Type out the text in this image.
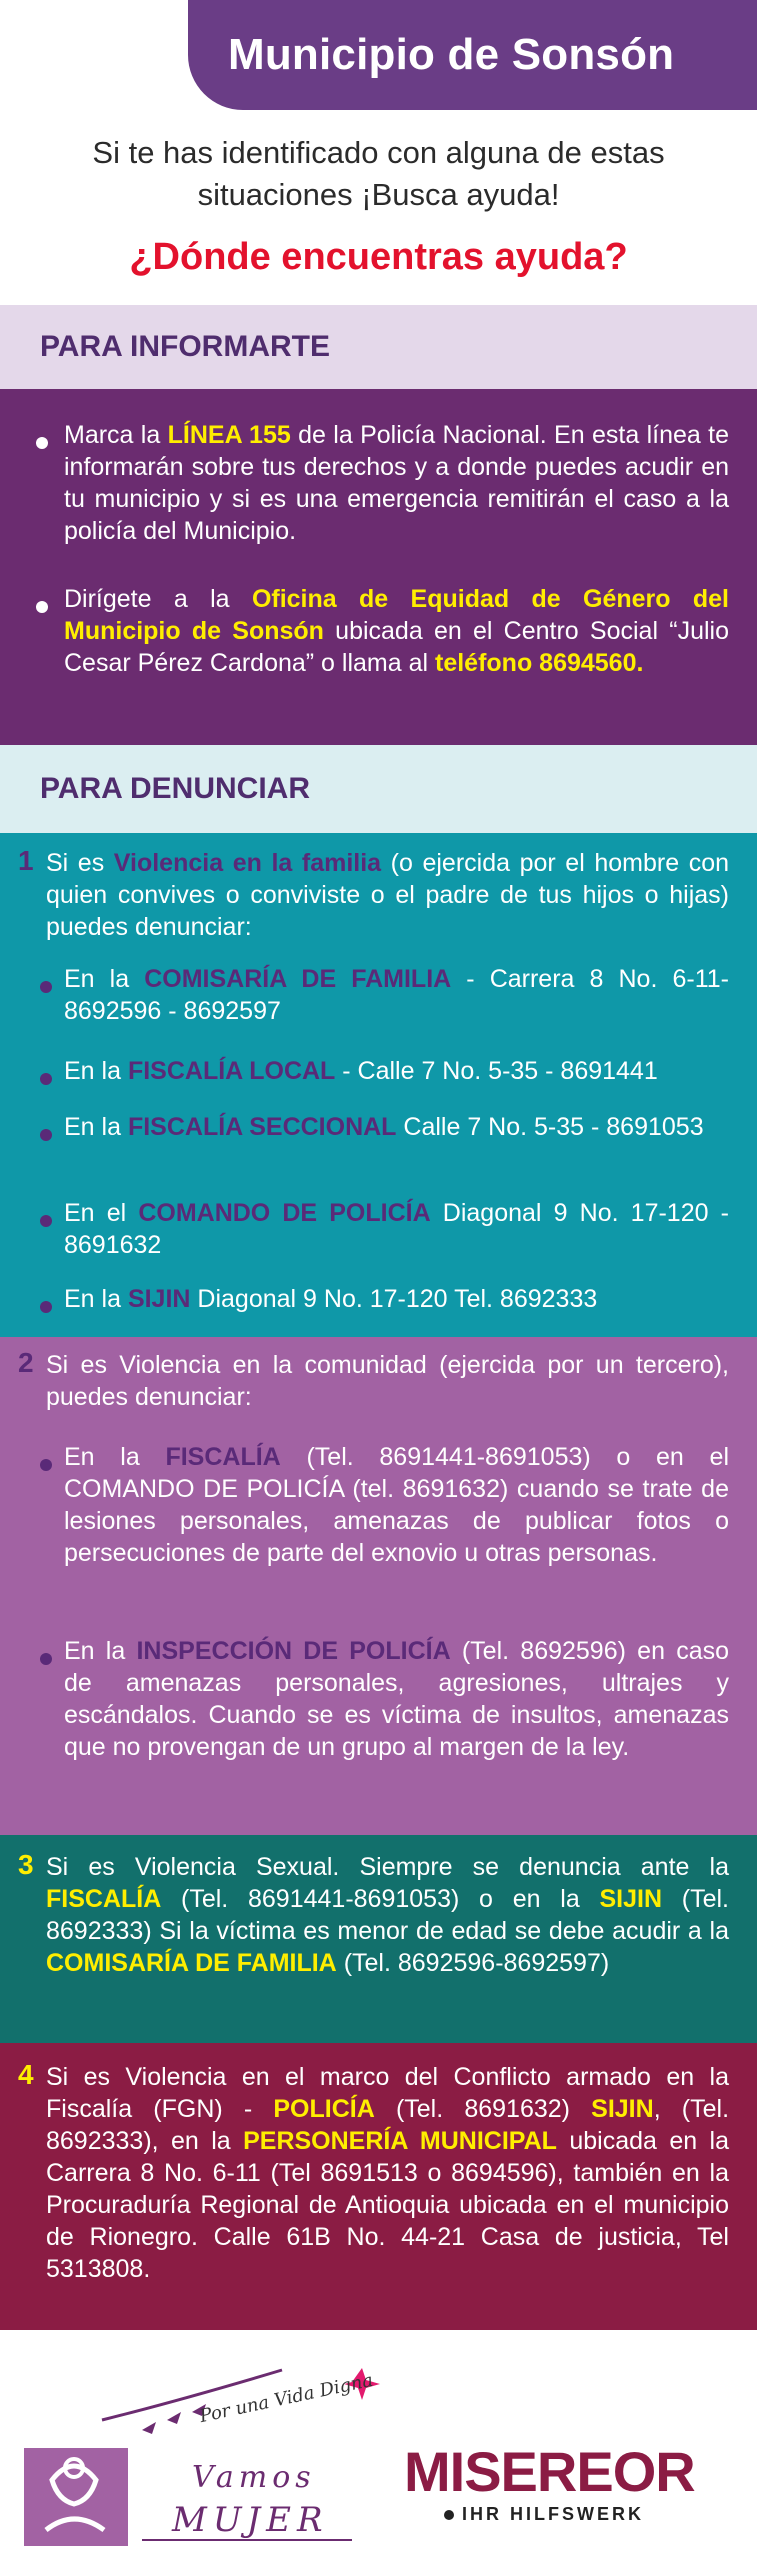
Municipio de Sonsón
Si te has identificado con alguna de estas
situaciones ¡Busca ayuda!
¿Dónde encuentras ayuda?
PARA INFORMARTE
Marca la LÍNEA 155 de la Policía Nacional. En esta línea te informarán sobre tus derechos y a donde puedes acudir en tu municipio y si es una emergencia remitirán el caso a la policía del Municipio.
Dirígete a la Oficina de Equidad de Género del Municipio de Sonsón ubicada en el Centro Social “Julio Cesar Pérez Cardona” o llama al teléfono 8694560.
PARA DENUNCIAR
1 Si es Violencia en la familia (o ejercida por el hombre con quien convives o conviviste o el padre de tus hijos o hijas) puedes denunciar:
En la COMISARÍA DE FAMILIA - Carrera 8 No. 6-11- 8692596 - 8692597
En la FISCALÍA LOCAL - Calle 7 No. 5-35 - 8691441
En la FISCALÍA SECCIONAL Calle 7 No. 5-35 - 8691053
En el COMANDO DE POLICÍA Diagonal 9 No. 17-120 - 8691632
En la SIJIN Diagonal 9 No. 17-120 Tel. 8692333
2 Si es Violencia en la comunidad (ejercida por un tercero), puedes denunciar:
En la FISCALÍA (Tel. 8691441-8691053) o en el COMANDO DE POLICÍA (tel. 8691632) cuando se trate de lesiones personales, amenazas de publicar fotos o persecuciones de parte del exnovio u otras personas.
En la INSPECCIÓN DE POLICÍA (Tel. 8692596) en caso de amenazas personales, agresiones, ultrajes y escándalos. Cuando se es víctima de insultos, amenazas que no provengan de un grupo al margen de la ley.
3 Si es Violencia Sexual. Siempre se denuncia ante la FISCALÍA (Tel. 8691441-8691053) o en la SIJIN (Tel. 8692333) Si la víctima es menor de edad se debe acudir a la COMISARÍA DE FAMILIA (Tel. 8692596-8692597)
4 Si es Violencia en el marco del Conflicto armado en la Fiscalía (FGN) - POLICÍA (Tel. 8691632) SIJIN, (Tel. 8692333), en la PERSONERÍA MUNICIPAL ubicada en la Carrera 8 No. 6-11 (Tel 8691513 o 8694596), también en la Procuraduría Regional de Antioquia ubicada en el municipio de Rionegro. Calle 61B No. 44-21 Casa de justicia, Tel 5313808.
Por una Vida Digna
Vamos
MUJER
MISEREOR
IHR HILFSWERK
